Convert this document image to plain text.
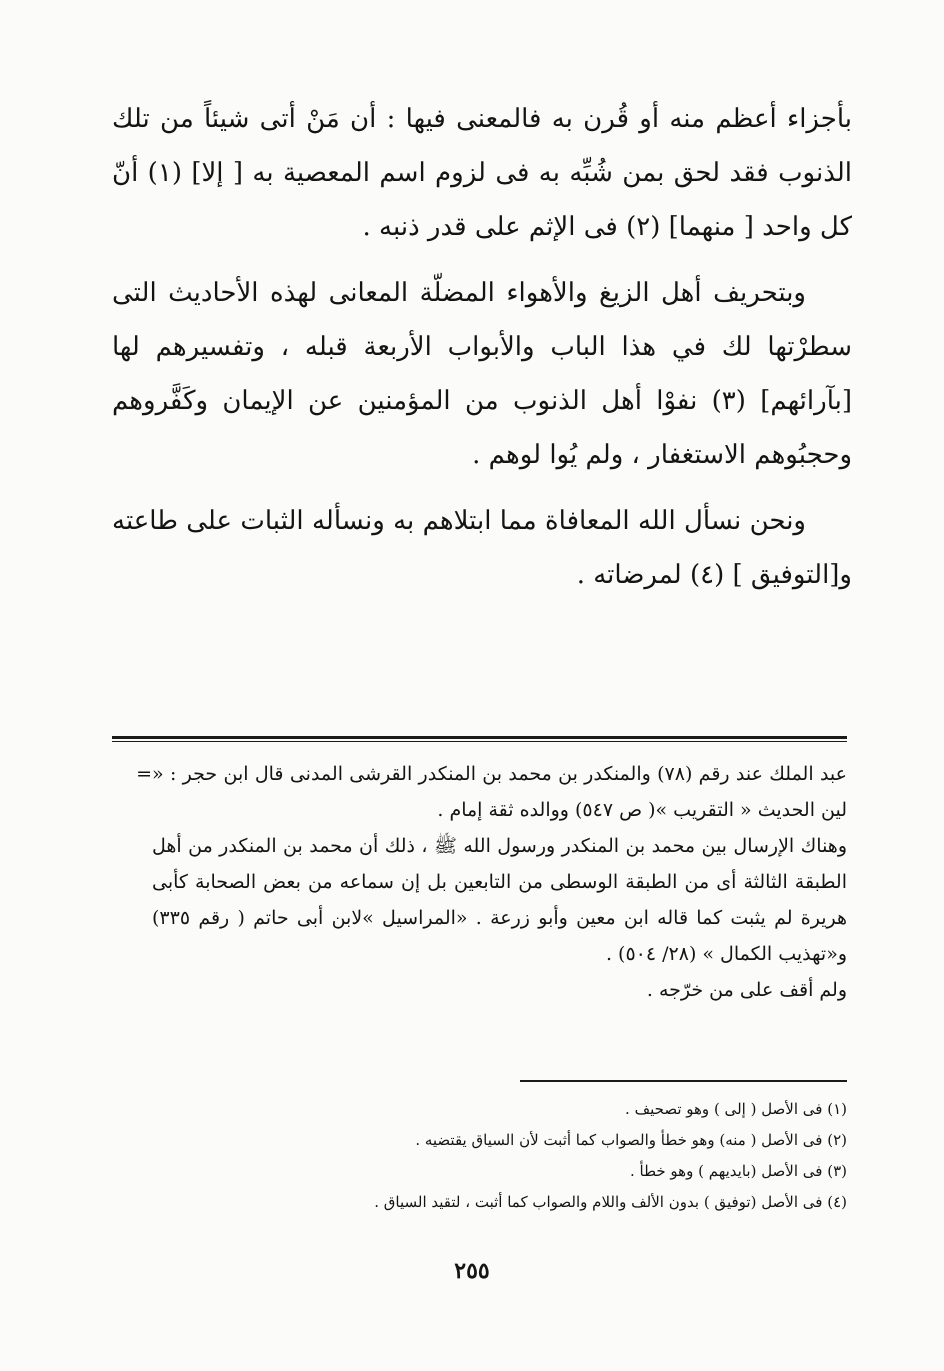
بأجزاء أعظم منه أو قُرن به فالمعنى فيها : أن مَنْ أتى شيئاً من تلك الذنوب فقد لحق بمن شُبِّه به فى لزوم اسم المعصية به [ إلا] (١) أنّ كل واحد [ منهما] (٢) فى الإثم على قدر ذنبه .

وبتحريف أهل الزيغ والأهواء المضلّة المعانى لهذه الأحاديث التى سطرْتها لك في هذا الباب والأبواب الأربعة قبله ، وتفسيرهم لها [بآرائهم] (٣) نفوْا أهل الذنوب من المؤمنين عن الإيمان وكَفَّروهم وحجبُوهم الاستغفار ، ولم يُوا لوهم .

ونحن نسأل الله المعافاة مما ابتلاهم به ونسأله الثبات على طاعته و[التوفيق ] (٤) لمرضاته .

عبد الملك عند رقم (٧٨) والمنكدر بن محمد بن المنكدر القرشى المدنى قال ابن حجر : « لين الحديث « التقريب »( ص ٥٤٧) ووالده ثقة إمام .

وهناك الإرسال بين محمد بن المنكدر ورسول الله ﷺ ، ذلك أن محمد بن المنكدر من أهل الطبقة الثالثة أى من الطبقة الوسطى من التابعين بل إن سماعه من بعض الصحابة كأبى هريرة لم يثبت كما قاله ابن معين وأبو زرعة . «المراسيل »لابن أبى حاتم ( رقم ٣٣٥) و«تهذيب الكمال » (٢٨/ ٥٠٤) .

ولم أقف على من خرّجه .

=
(١) فى الأصل ( إلى ) وهو تصحيف .
(٢) فى الأصل ( منه) وهو خطأ والصواب كما أثبت لأن السياق يقتضيه .
(٣) فى الأصل (بايديهم ) وهو خطأ .
(٤) فى الأصل (توفيق ) بدون الألف واللام والصواب كما أثبت ، لتقيد السياق .
٢٥٥
